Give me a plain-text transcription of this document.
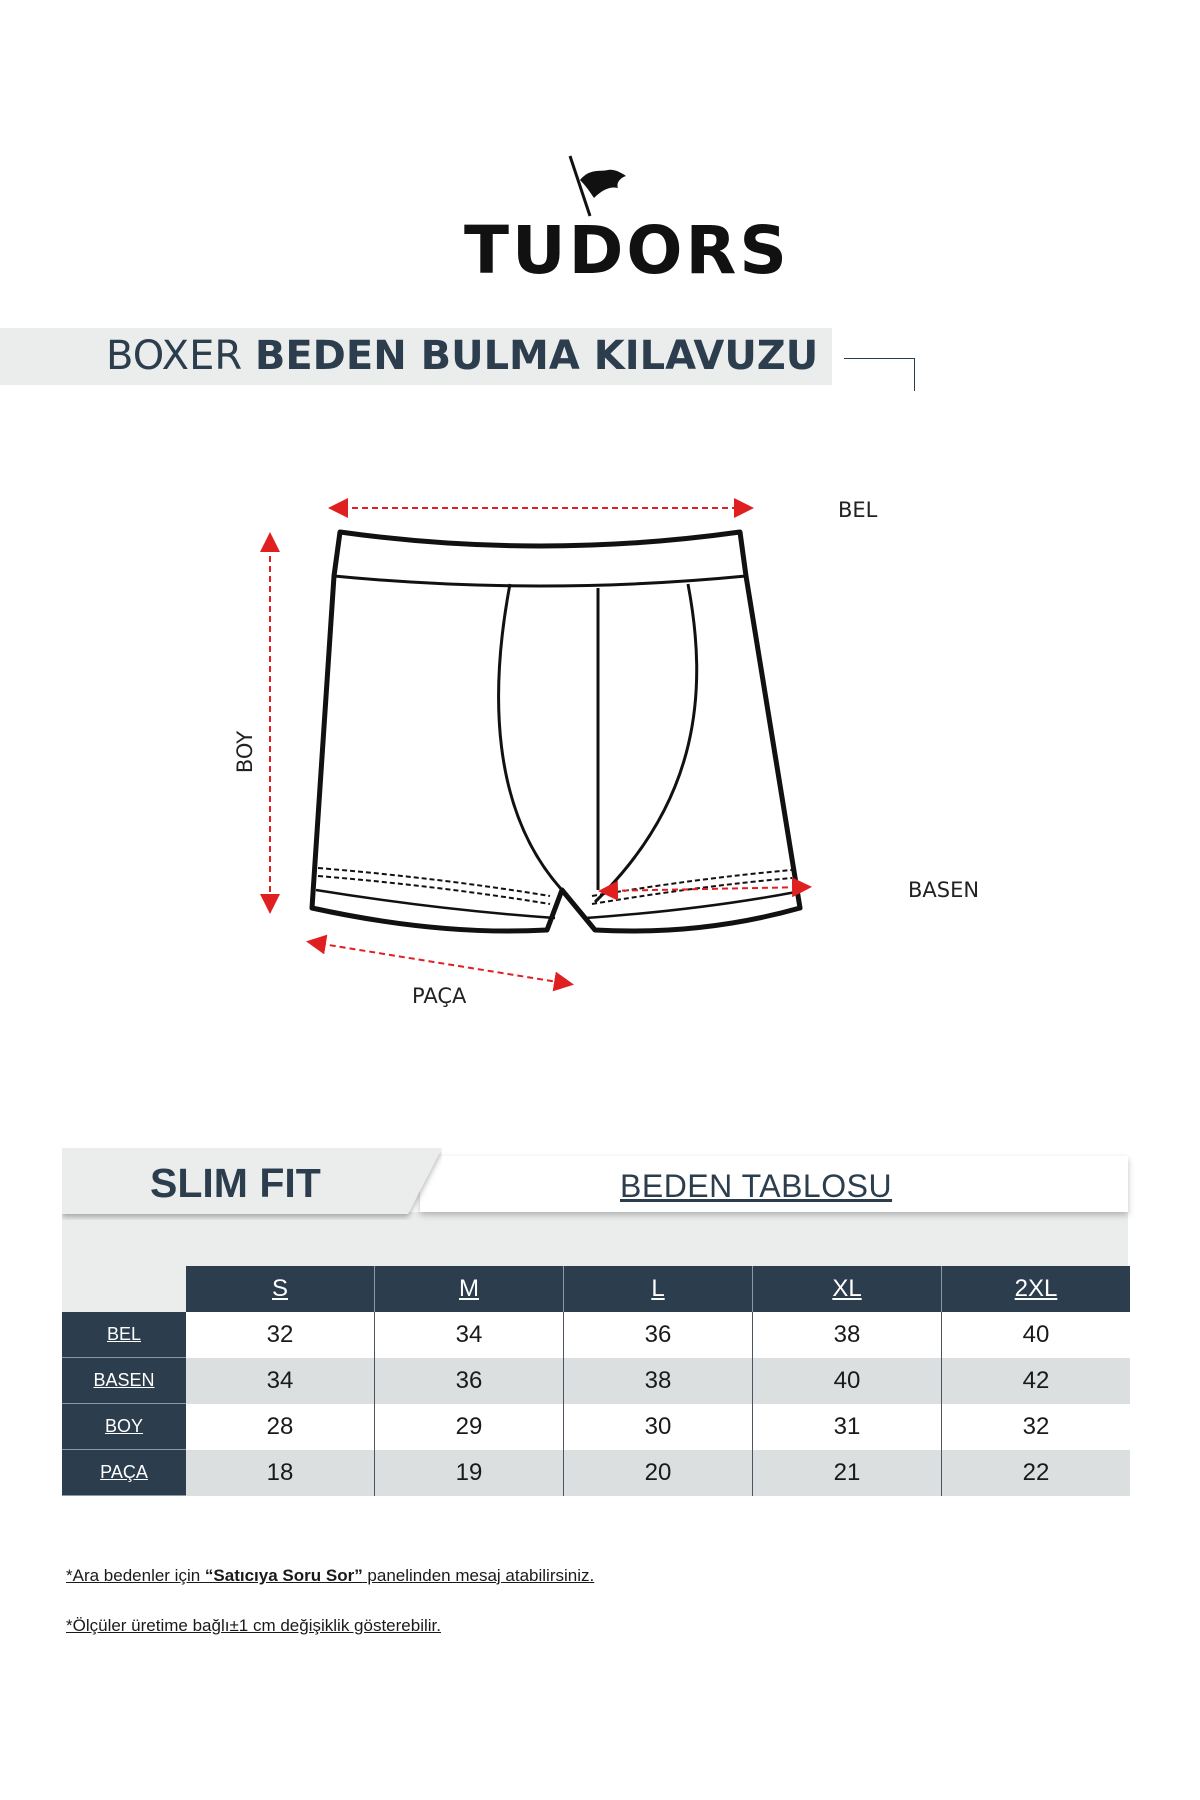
TUDORS
BOXER BEDEN BULMA KILAVUZU
BEL
BASEN
BOY
PAÇA
SLIM FIT	BEDEN TABLOSU
	S	M	L	XL	2XL
BEL	32	34	36	38	40
BASEN	34	36	38	40	42
BOY	28	29	30	31	32
PAÇA	18	19	20	21	22
*Ara bedenler için “Satıcıya Soru Sor” panelinden mesaj atabilirsiniz.
*Ölçüler üretime bağlı±1 cm değişiklik gösterebilir.
